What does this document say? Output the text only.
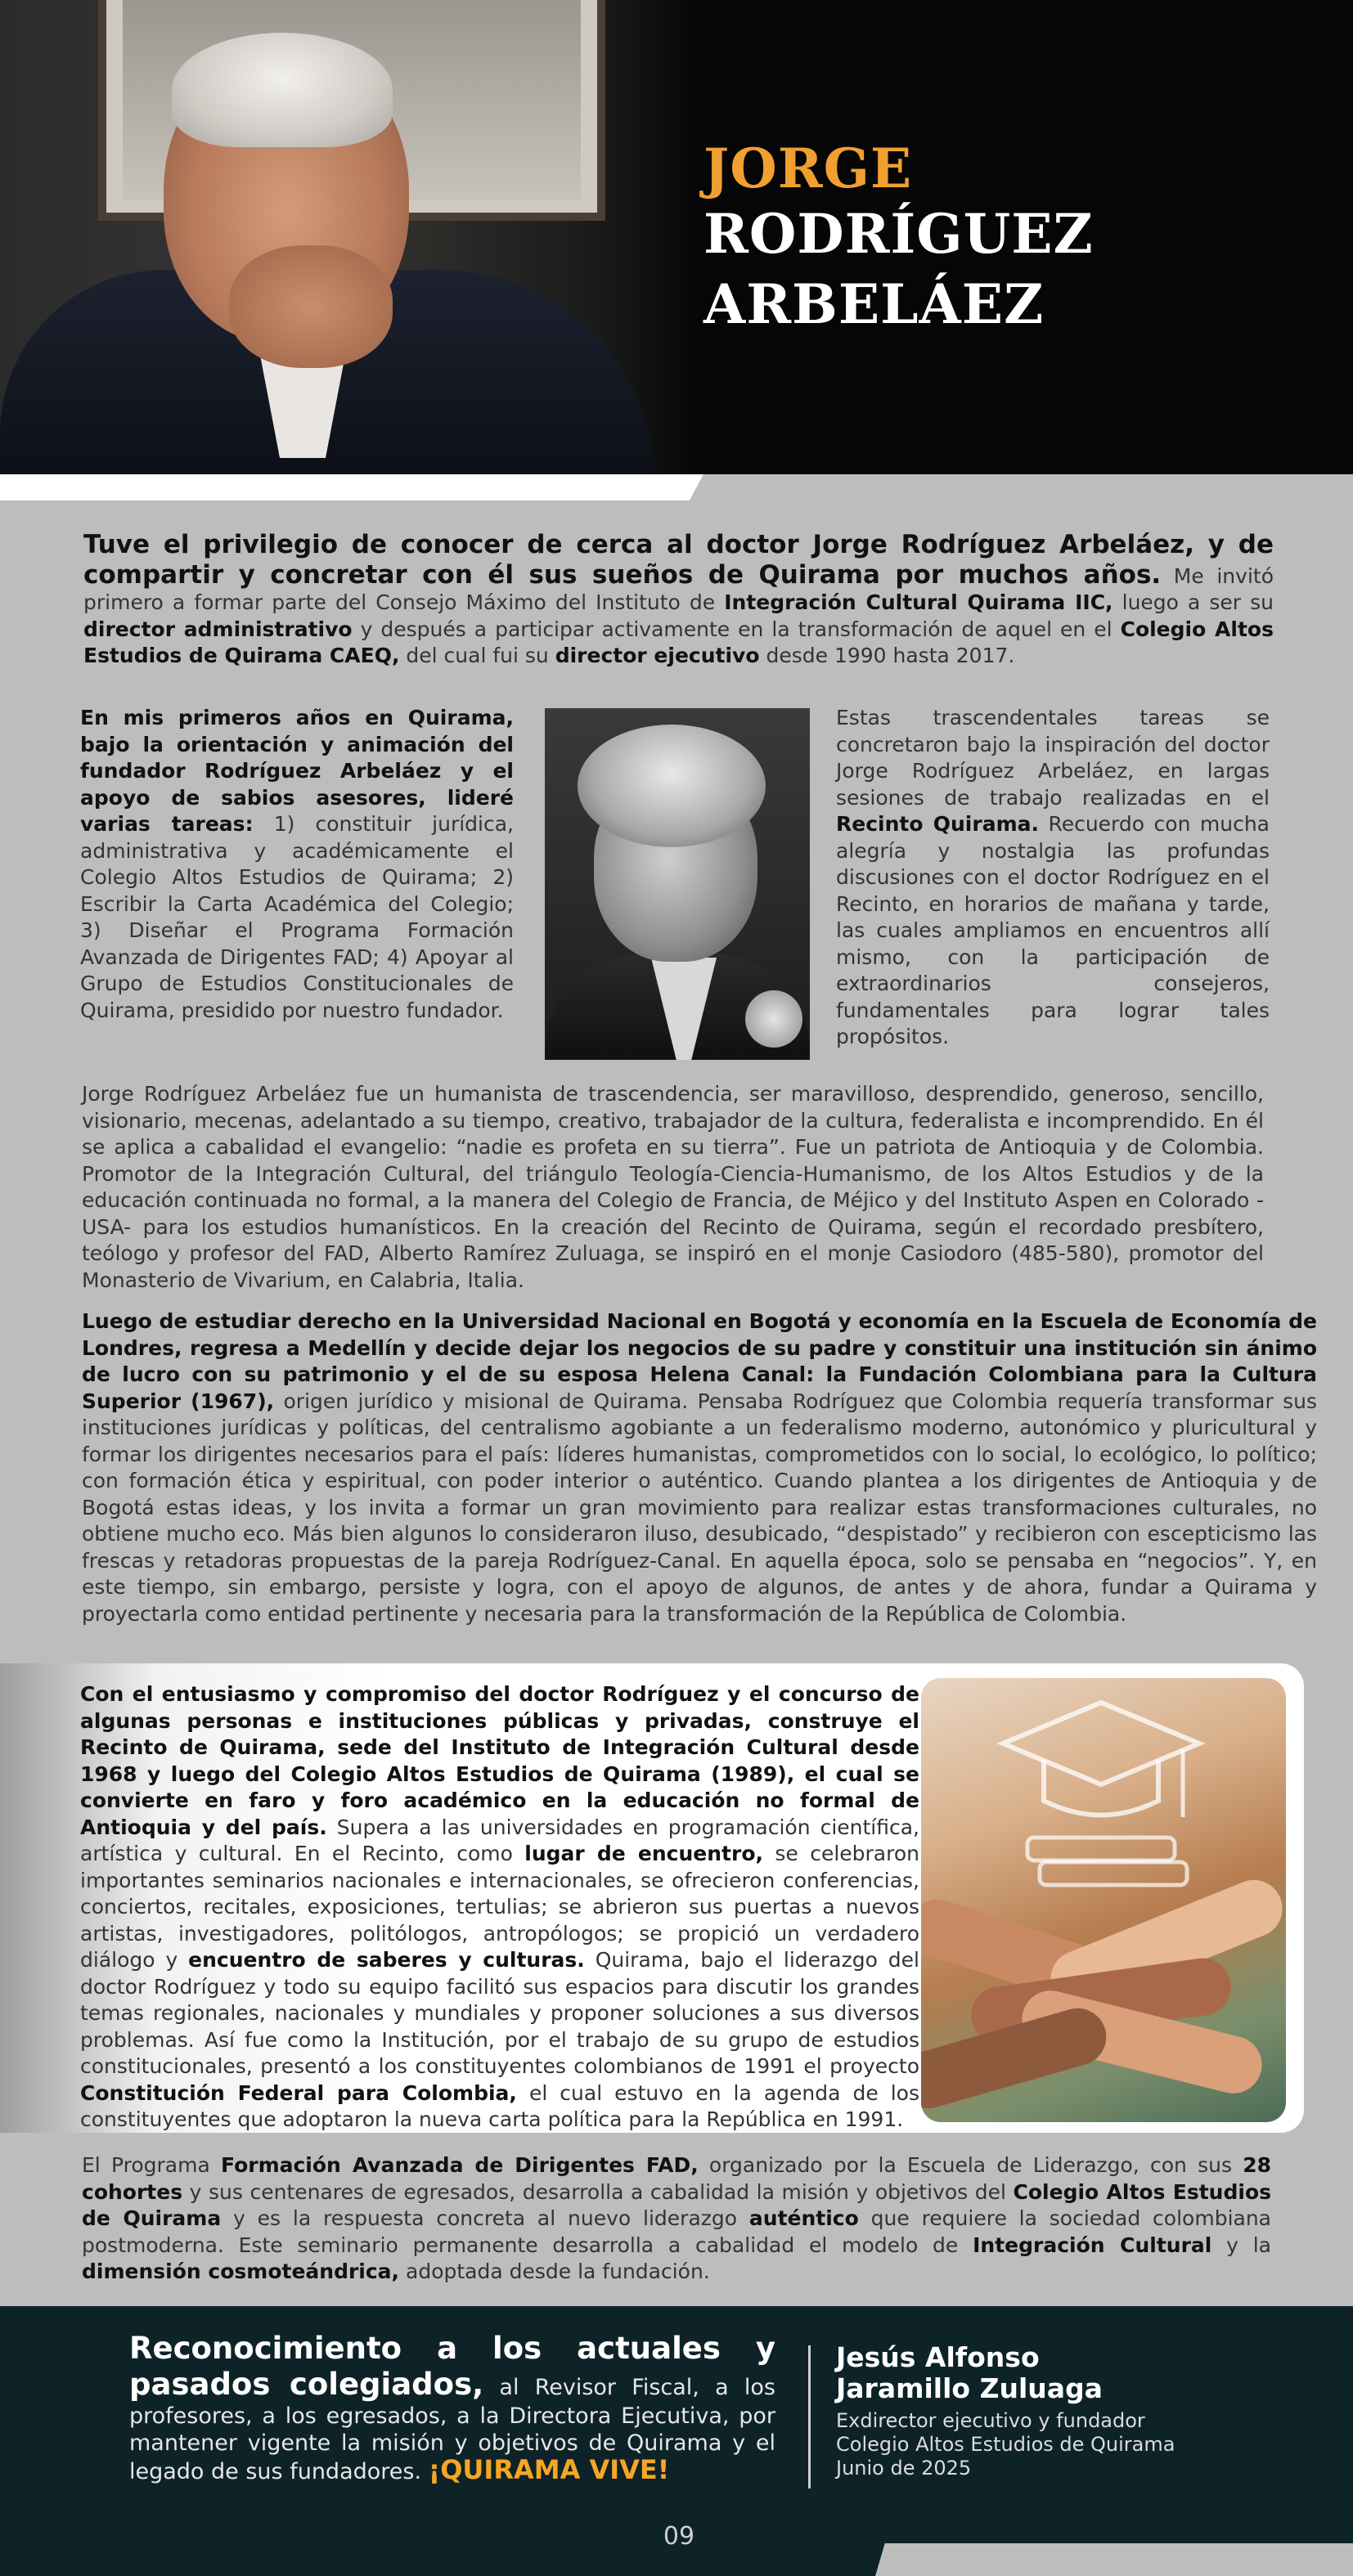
JORGE
RODRÍGUEZ
ARBELÁEZ

Tuve el privilegio de conocer de cerca al doctor Jorge Rodríguez Arbeláez, y de compartir y concretar con él sus sueños de Quirama por muchos años. Me invitó primero a formar parte del Consejo Máximo del Instituto de Integración Cultural Quirama IIC, luego a ser su director administrativo y después a participar activamente en la transformación de aquel en el Colegio Altos Estudios de Quirama CAEQ, del cual fui su director ejecutivo desde 1990 hasta 2017.

En mis primeros años en Quirama, bajo la orientación y animación del fundador Rodríguez Arbeláez y el apoyo de sabios asesores, lideré varias tareas: 1) constituir jurídica, administrativa y académicamente el Colegio Altos Estudios de Quirama; 2) Escribir la Carta Académica del Colegio; 3) Diseñar el Programa Formación Avanzada de Dirigentes FAD; 4) Apoyar al Grupo de Estudios Constitucionales de Quirama, presidido por nuestro fundador.

Estas trascendentales tareas se concretaron bajo la inspiración del doctor Jorge Rodríguez Arbeláez, en largas sesiones de trabajo realizadas en el Recinto Quirama. Recuerdo con mucha alegría y nostalgia las profundas discusiones con el doctor Rodríguez en el Recinto, en horarios de mañana y tarde, las cuales ampliamos en encuentros allí mismo, con la participación de extraordinarios consejeros, fundamentales para lograr tales propósitos.

Jorge Rodríguez Arbeláez fue un humanista de trascendencia, ser maravilloso, desprendido, generoso, sencillo, visionario, mecenas, adelantado a su tiempo, creativo, trabajador de la cultura, federalista e incomprendido. En él se aplica a cabalidad el evangelio: “nadie es profeta en su tierra”. Fue un patriota de Antioquia y de Colombia. Promotor de la Integración Cultural, del triángulo Teología-Ciencia-Humanismo, de los Altos Estudios y de la educación continuada no formal, a la manera del Colegio de Francia, de Méjico y del Instituto Aspen en Colorado -USA- para los estudios humanísticos. En la creación del Recinto de Quirama, según el recordado presbítero, teólogo y profesor del FAD, Alberto Ramírez Zuluaga, se inspiró en el monje Casiodoro (485-580), promotor del Monasterio de Vivarium, en Calabria, Italia.

Luego de estudiar derecho en la Universidad Nacional en Bogotá y economía en la Escuela de Economía de Londres, regresa a Medellín y decide dejar los negocios de su padre y constituir una institución sin ánimo de lucro con su patrimonio y el de su esposa Helena Canal: la Fundación Colombiana para la Cultura Superior (1967), origen jurídico y misional de Quirama. Pensaba Rodríguez que Colombia requería transformar sus instituciones jurídicas y políticas, del centralismo agobiante a un federalismo moderno, autonómico y pluricultural y formar los dirigentes necesarios para el país: líderes humanistas, comprometidos con lo social, lo ecológico, lo político; con formación ética y espiritual, con poder interior o auténtico. Cuando plantea a los dirigentes de Antioquia y de Bogotá estas ideas, y los invita a formar un gran movimiento para realizar estas transformaciones culturales, no obtiene mucho eco. Más bien algunos lo consideraron iluso, desubicado, “despistado” y recibieron con escepticismo las frescas y retadoras propuestas de la pareja Rodríguez-Canal. En aquella época, solo se pensaba en “negocios”. Y, en este tiempo, sin embargo, persiste y logra, con el apoyo de algunos, de antes y de ahora, fundar a Quirama y proyectarla como entidad pertinente y necesaria para la transformación de la República de Colombia.

Con el entusiasmo y compromiso del doctor Rodríguez y el concurso de algunas personas e instituciones públicas y privadas, construye el Recinto de Quirama, sede del Instituto de Integración Cultural desde 1968 y luego del Colegio Altos Estudios de Quirama (1989), el cual se convierte en faro y foro académico en la educación no formal de Antioquia y del país. Supera a las universidades en programación científica, artística y cultural. En el Recinto, como lugar de encuentro, se celebraron importantes seminarios nacionales e internacionales, se ofrecieron conferencias, conciertos, recitales, exposiciones, tertulias; se abrieron sus puertas a nuevos artistas, investigadores, politólogos, antropólogos; se propició un verdadero diálogo y encuentro de saberes y culturas. Quirama, bajo el liderazgo del doctor Rodríguez y todo su equipo facilitó sus espacios para discutir los grandes temas regionales, nacionales y mundiales y proponer soluciones a sus diversos problemas. Así fue como la Institución, por el trabajo de su grupo de estudios constitucionales, presentó a los constituyentes colombianos de 1991 el proyecto Constitución Federal para Colombia, el cual estuvo en la agenda de los constituyentes que adoptaron la nueva carta política para la República en 1991.

El Programa Formación Avanzada de Dirigentes FAD, organizado por la Escuela de Liderazgo, con sus 28 cohortes y sus centenares de egresados, desarrolla a cabalidad la misión y objetivos del Colegio Altos Estudios de Quirama y es la respuesta concreta al nuevo liderazgo auténtico que requiere la sociedad colombiana postmoderna. Este seminario permanente desarrolla a cabalidad el modelo de Integración Cultural y la dimensión cosmoteándrica, adoptada desde la fundación.

Reconocimiento a los actuales y pasados colegiados, al Revisor Fiscal, a los profesores, a los egresados, a la Directora Ejecutiva, por mantener vigente la misión y objetivos de Quirama y el legado de sus fundadores. ¡QUIRAMA VIVE!

Jesús Alfonso Jaramillo Zuluaga
Exdirector ejecutivo y fundador
Colegio Altos Estudios de Quirama
Junio de 2025
09
